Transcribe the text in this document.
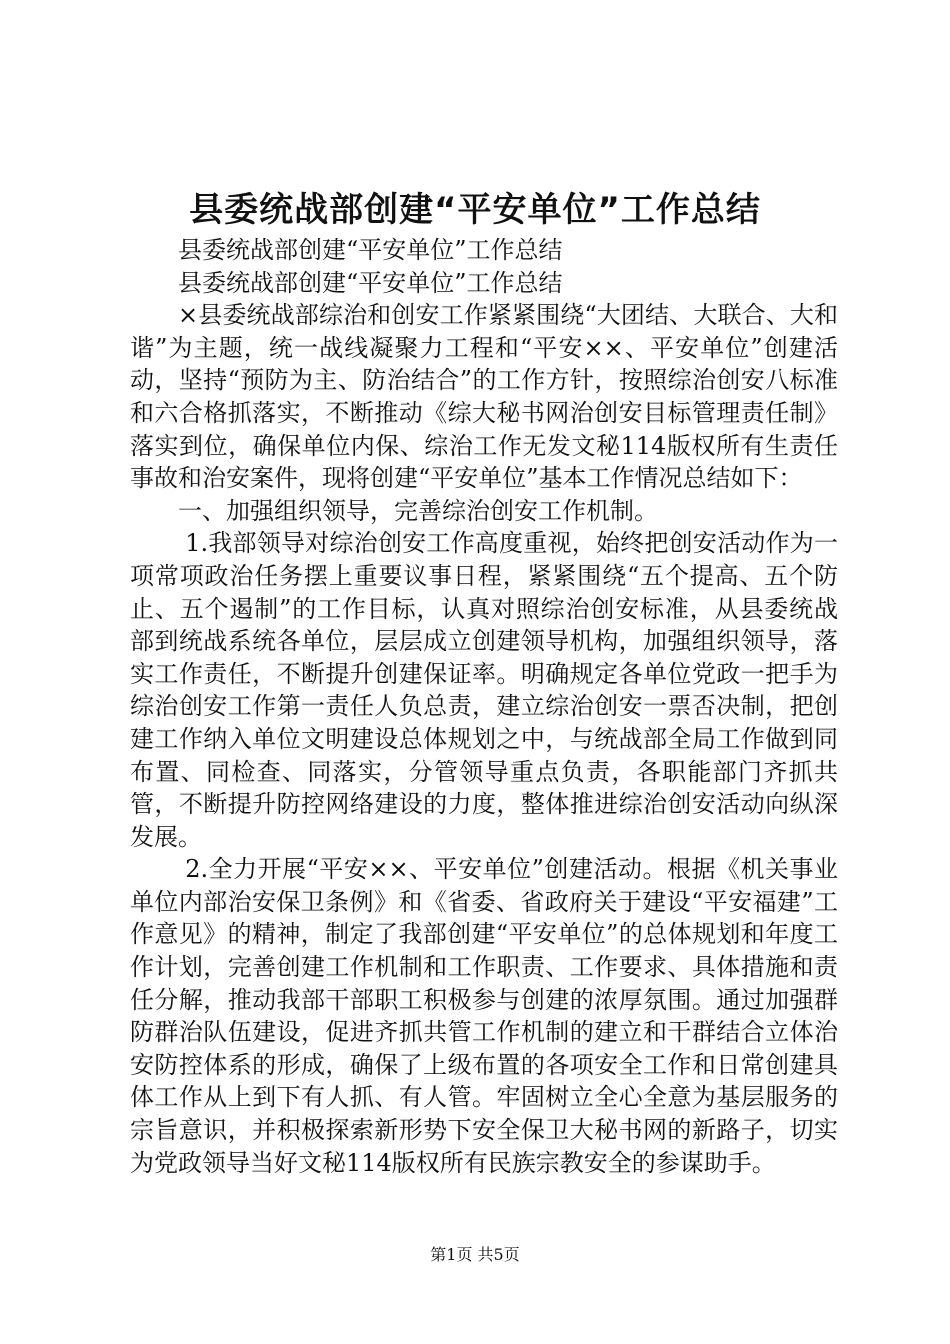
县委统战部创建“平安单位”工作总结

县委统战部创建“平安单位”工作总结

县委统战部创建“平安单位”工作总结

×县委统战部综治和创安工作紧紧围绕“大团结、大联合、大和谐”为主题，统一战线凝聚力工程和“平安××、平安单位”创建活动，坚持“预防为主、防治结合”的工作方针，按照综治创安八标准和六合格抓落实，不断推动《综大秘书网治创安目标管理责任制》落实到位，确保单位内保、综治工作无发文秘114版权所有生责任事故和治安案件，现将创建“平安单位”基本工作情况总结如下：

一、加强组织领导，完善综治创安工作机制。

1.我部领导对综治创安工作高度重视，始终把创安活动作为一项常项政治任务摆上重要议事日程，紧紧围绕“五个提高、五个防止、五个遏制”的工作目标，认真对照综治创安标准，从县委统战部到统战系统各单位，层层成立创建领导机构，加强组织领导，落实工作责任，不断提升创建保证率。明确规定各单位党政一把手为综治创安工作第一责任人负总责，建立综治创安一票否决制，把创建工作纳入单位文明建设总体规划之中，与统战部全局工作做到同布置、同检查、同落实，分管领导重点负责，各职能部门齐抓共管，不断提升防控网络建设的力度，整体推进综治创安活动向纵深发展。

2.全力开展“平安××、平安单位”创建活动。根据《机关事业单位内部治安保卫条例》和《省委、省政府关于建设“平安福建”工作意见》的精神，制定了我部创建“平安单位”的总体规划和年度工作计划，完善创建工作机制和工作职责、工作要求、具体措施和责任分解，推动我部干部职工积极参与创建的浓厚氛围。通过加强群防群治队伍建设，促进齐抓共管工作机制的建立和干群结合立体治安防控体系的形成，确保了上级布置的各项安全工作和日常创建具体工作从上到下有人抓、有人管。牢固树立全心全意为基层服务的宗旨意识，并积极探索新形势下安全保卫大秘书网的新路子，切实为党政领导当好文秘114版权所有民族宗教安全的参谋助手。

第1页 共5页
